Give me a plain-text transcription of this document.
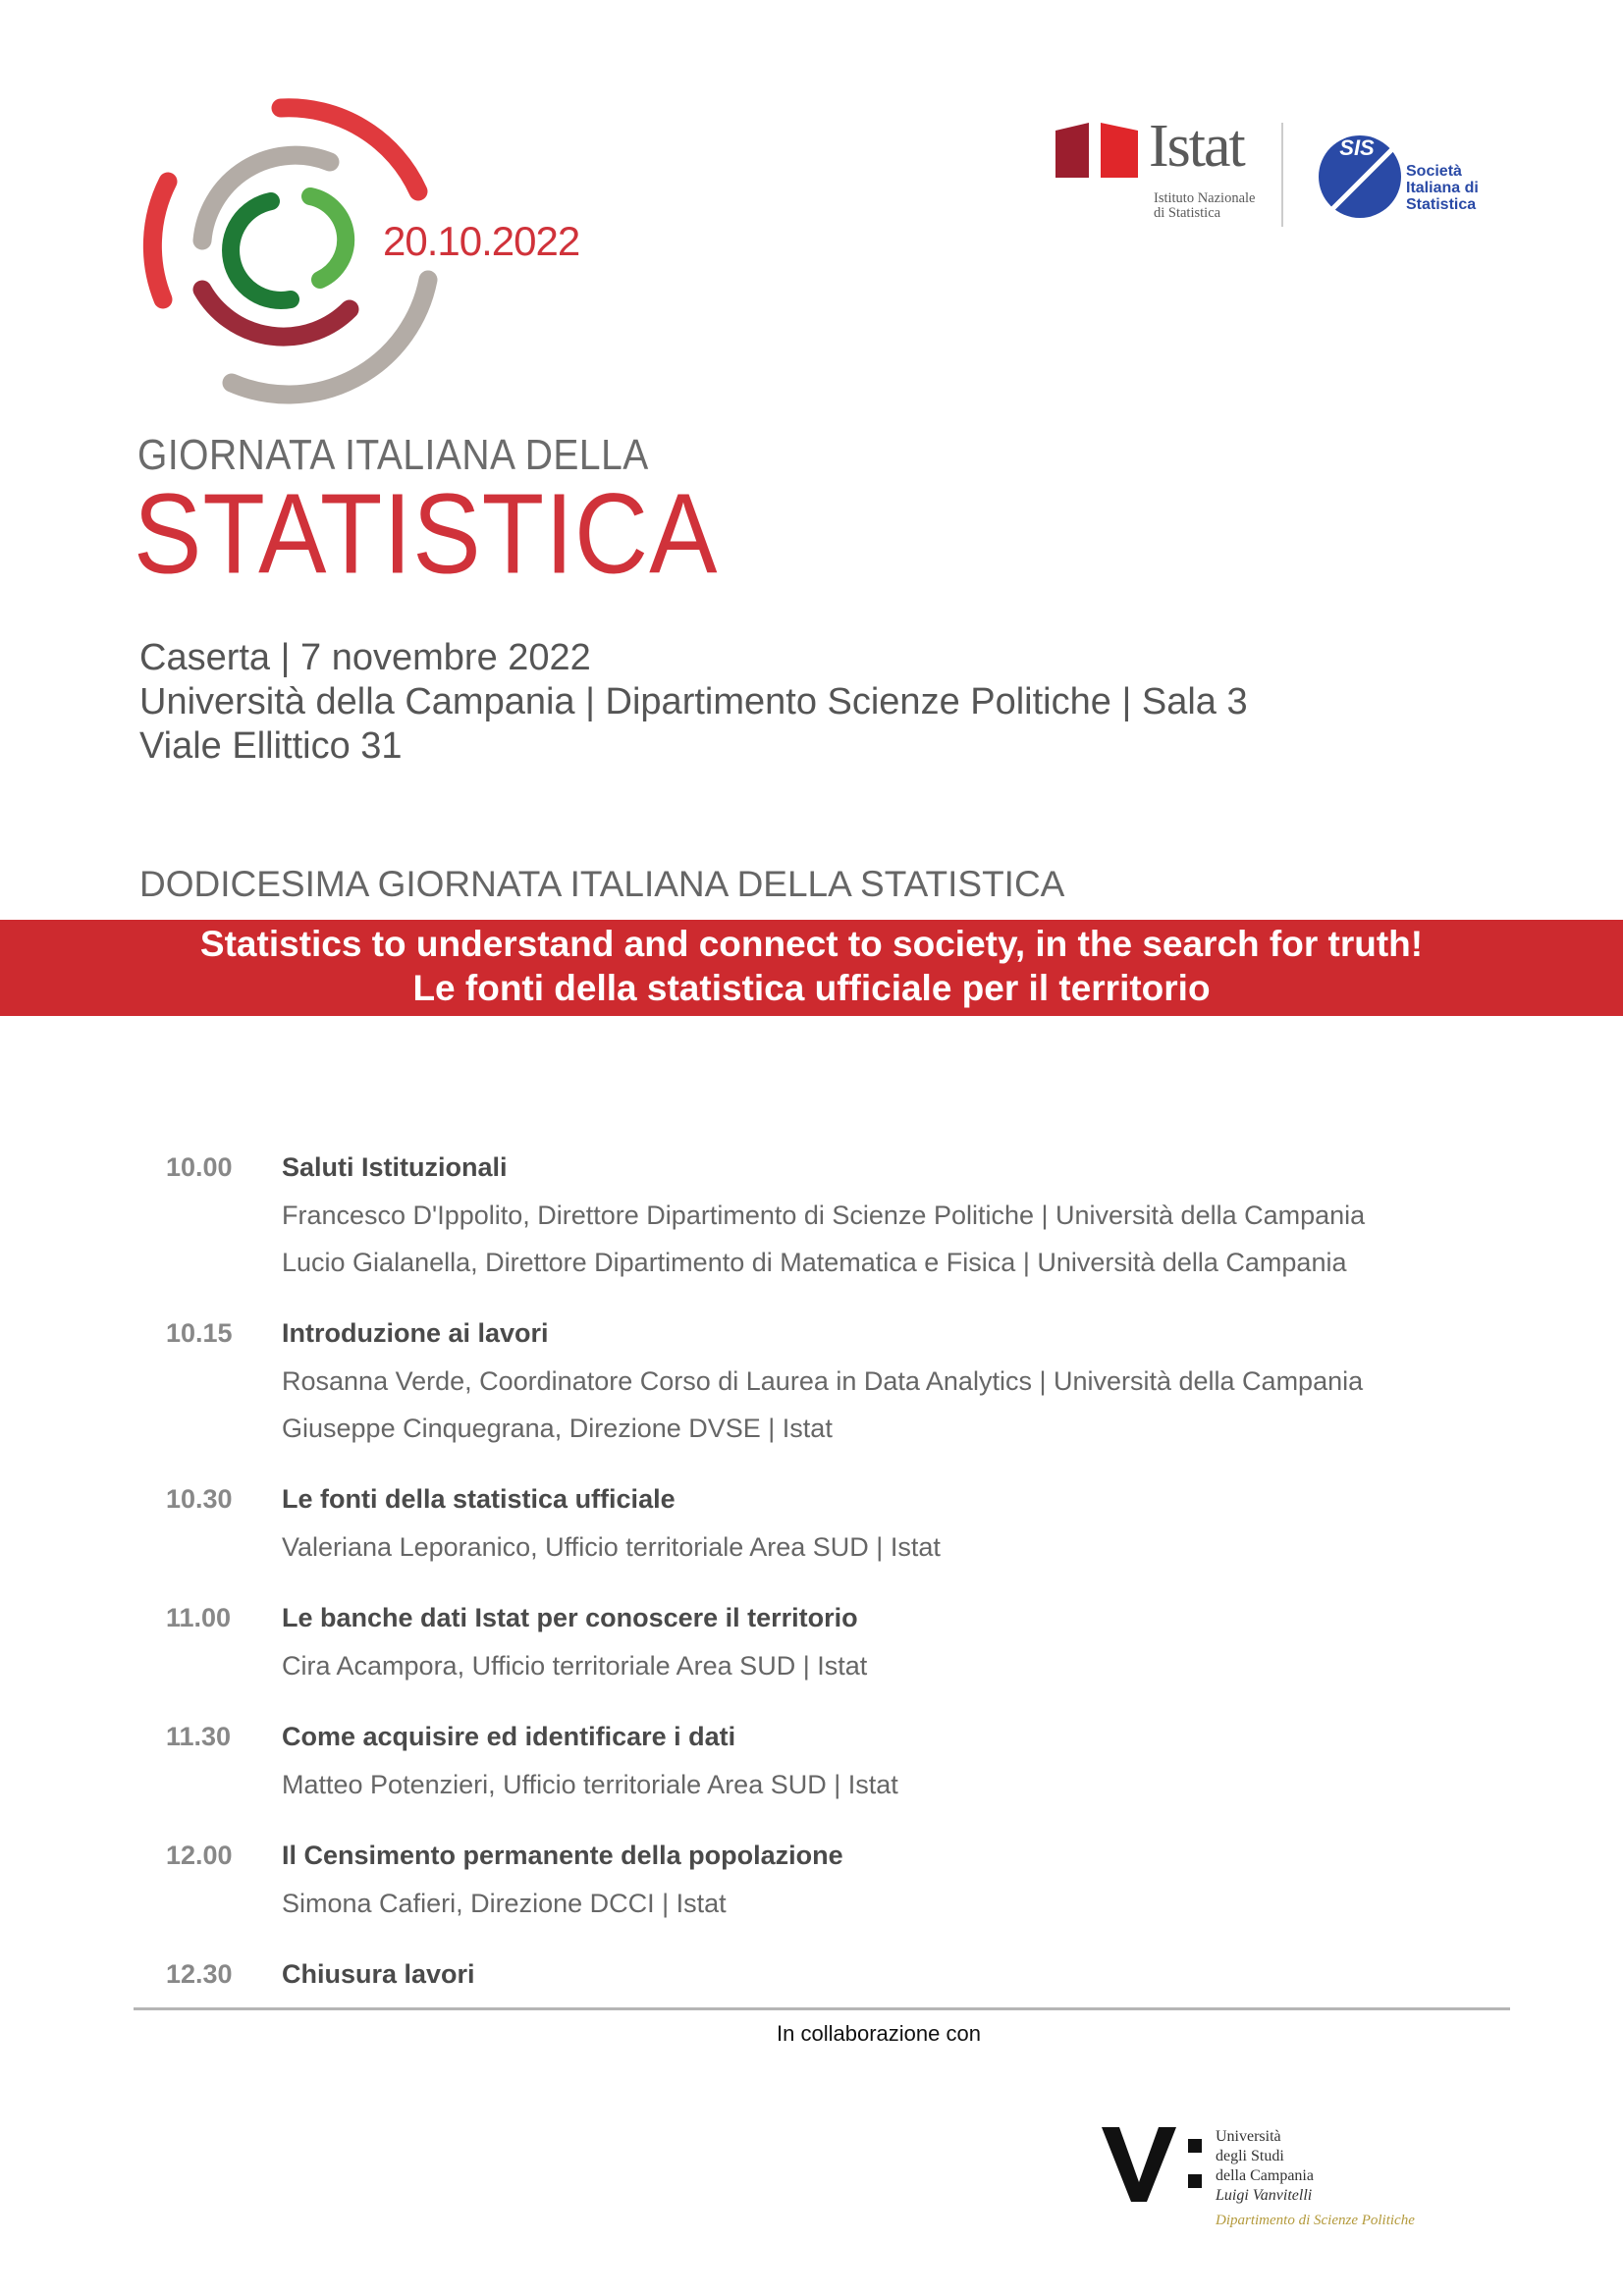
20.10.2022
GIORNATA ITALIANA DELLA
STATISTICA
Istat
Istituto Nazionale
di Statistica
SIS
Società
Italiana di
Statistica
Caserta | 7 novembre 2022
Università della Campania | Dipartimento Scienze Politiche | Sala 3
Viale Ellittico 31
DODICESIMA GIORNATA ITALIANA DELLA STATISTICA
Statistics to understand and connect to society, in the search for truth!
Le fonti della statistica ufficiale per il territorio
10.00 Saluti Istituzionali
Francesco D'Ippolito, Direttore Dipartimento di Scienze Politiche | Università della Campania
Lucio Gialanella, Direttore Dipartimento di Matematica e Fisica | Università della Campania
10.15 Introduzione ai lavori
Rosanna Verde, Coordinatore Corso di Laurea in Data Analytics | Università della Campania
Giuseppe Cinquegrana, Direzione DVSE | Istat
10.30 Le fonti della statistica ufficiale
Valeriana Leporanico, Ufficio territoriale Area SUD | Istat
11.00 Le banche dati Istat per conoscere il territorio
Cira Acampora, Ufficio territoriale Area SUD | Istat
11.30 Come acquisire ed identificare i dati
Matteo Potenzieri, Ufficio territoriale Area SUD | Istat
12.00 Il Censimento permanente della popolazione
Simona Cafieri, Direzione DCCI | Istat
12.30 Chiusura lavori
In collaborazione con
Università
degli Studi
della Campania
Luigi Vanvitelli
Dipartimento di Scienze Politiche
